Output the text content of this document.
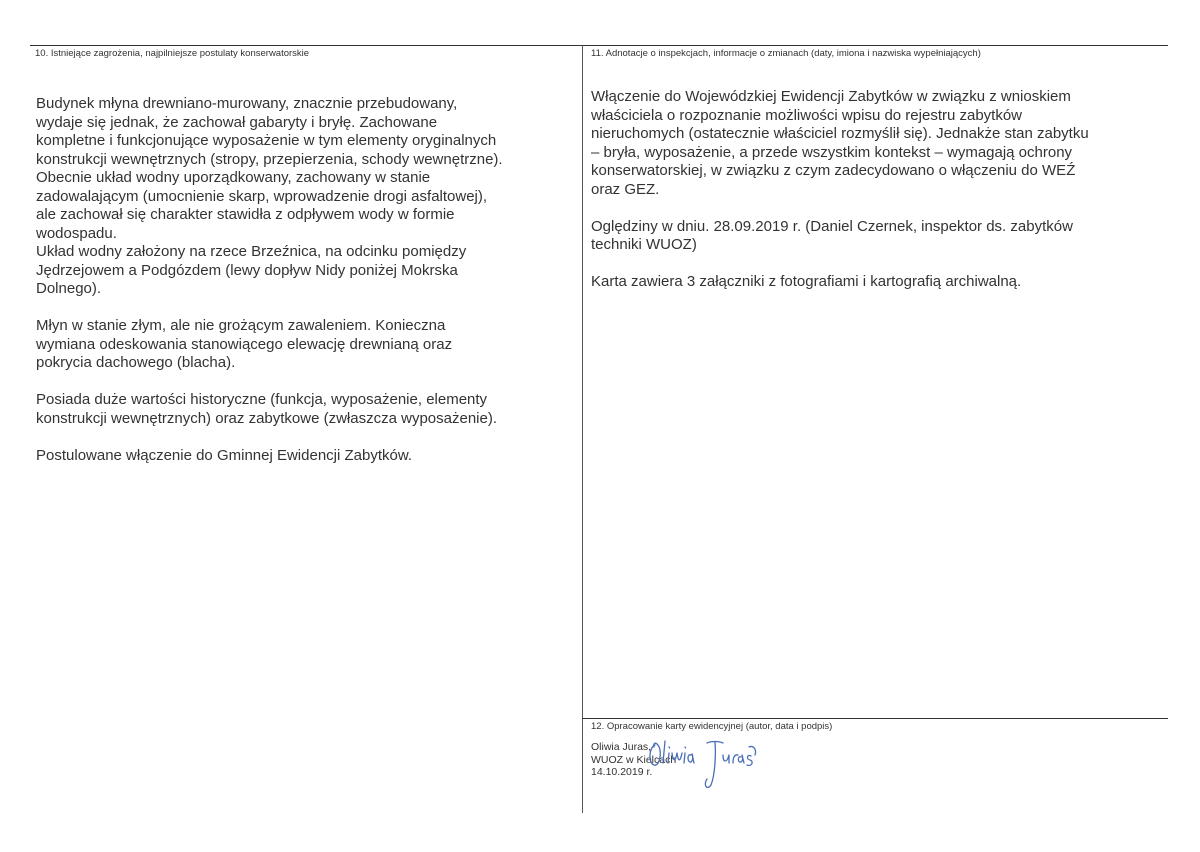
10. Istniejące zagrożenia, najpilniejsze postulaty konserwatorskie

Budynek młyna drewniano-murowany, znacznie przebudowany,
wydaje się jednak, że zachował gabaryty i bryłę. Zachowane
kompletne i funkcjonujące wyposażenie w tym elementy oryginalnych
konstrukcji wewnętrznych (stropy, przepierzenia, schody wewnętrzne).
Obecnie układ wodny uporządkowany, zachowany w stanie
zadowalającym (umocnienie skarp, wprowadzenie drogi asfaltowej),
ale zachował się charakter stawidła z odpływem wody w formie
wodospadu.
Układ wodny założony na rzece Brzeźnica, na odcinku pomiędzy
Jędrzejowem a Podgózdem (lewy dopływ Nidy poniżej Mokrska
Dolnego).

Młyn w stanie złym, ale nie grożącym zawaleniem. Konieczna
wymiana odeskowania stanowiącego elewację drewnianą oraz
pokrycia dachowego (blacha).

Posiada duże wartości historyczne (funkcja, wyposażenie, elementy
konstrukcji wewnętrznych) oraz zabytkowe (zwłaszcza wyposażenie).

Postulowane włączenie do Gminnej Ewidencji Zabytków.

11. Adnotacje o inspekcjach, informacje o zmianach (daty, imiona i nazwiska wypełniających)

Włączenie do Wojewódzkiej Ewidencji Zabytków w związku z wnioskiem
właściciela o rozpoznanie możliwości wpisu do rejestru zabytków
nieruchomych (ostatecznie właściciel rozmyślił się). Jednakże stan zabytku
– bryła, wyposażenie, a przede wszystkim kontekst – wymagają ochrony
konserwatorskiej, w związku z czym zadecydowano o włączeniu do WEŹ
oraz GEZ.

Oględziny w dniu. 28.09.2019 r. (Daniel Czernek, inspektor ds. zabytków
techniki WUOZ)

Karta zawiera 3 załączniki z fotografiami i kartografią archiwalną.

12. Opracowanie karty ewidencyjnej (autor, data i podpis)
Oliwia Juras,
WUOZ w Kielcach
14.10.2019 r.
